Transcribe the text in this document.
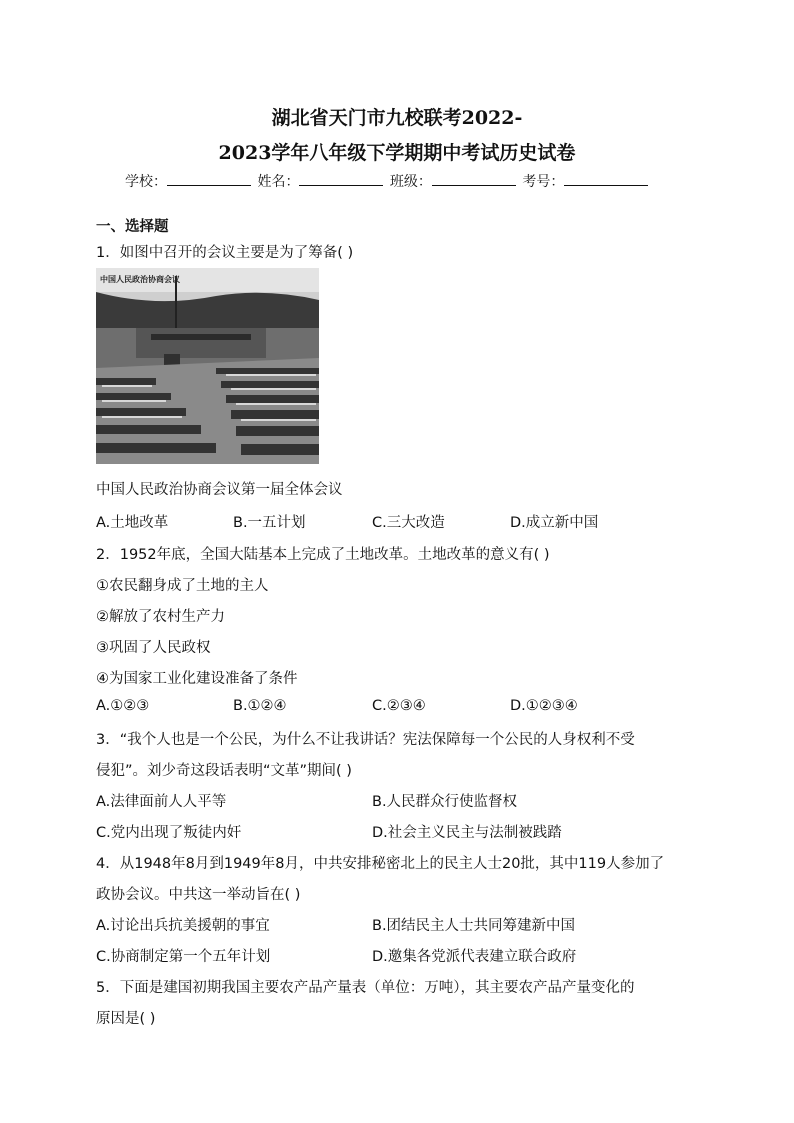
湖北省天门市九校联考2022-
2023学年八年级下学期期中考试历史试卷
学校：	姓名：	班级：	考号：
一、选择题
1．如图中召开的会议主要是为了筹备( )
中国人民政治协商会议
中国人民政治协商会议第一届全体会议
A.土地改革	B.一五计划	C.三大改造	D.成立新中国
2．1952年底，全国大陆基本上完成了土地改革。土地改革的意义有( )
①农民翻身成了土地的主人
②解放了农村生产力
③巩固了人民政权
④为国家工业化建设准备了条件
A.①②③	B.①②④	C.②③④	D.①②③④
3．“我个人也是一个公民，为什么不让我讲话？宪法保障每一个公民的人身权利不受
侵犯”。刘少奇这段话表明“文革”期间( )
A.法律面前人人平等	B.人民群众行使监督权
C.党内出现了叛徒内奸	D.社会主义民主与法制被践踏
4．从1948年8月到1949年8月，中共安排秘密北上的民主人士20批，其中119人参加了
政协会议。中共这一举动旨在( )
A.讨论出兵抗美援朝的事宜	B.团结民主人士共同筹建新中国
C.协商制定第一个五年计划	D.邀集各党派代表建立联合政府
5．下面是建国初期我国主要农产品产量表（单位：万吨），其主要农产品产量变化的
原因是( )
